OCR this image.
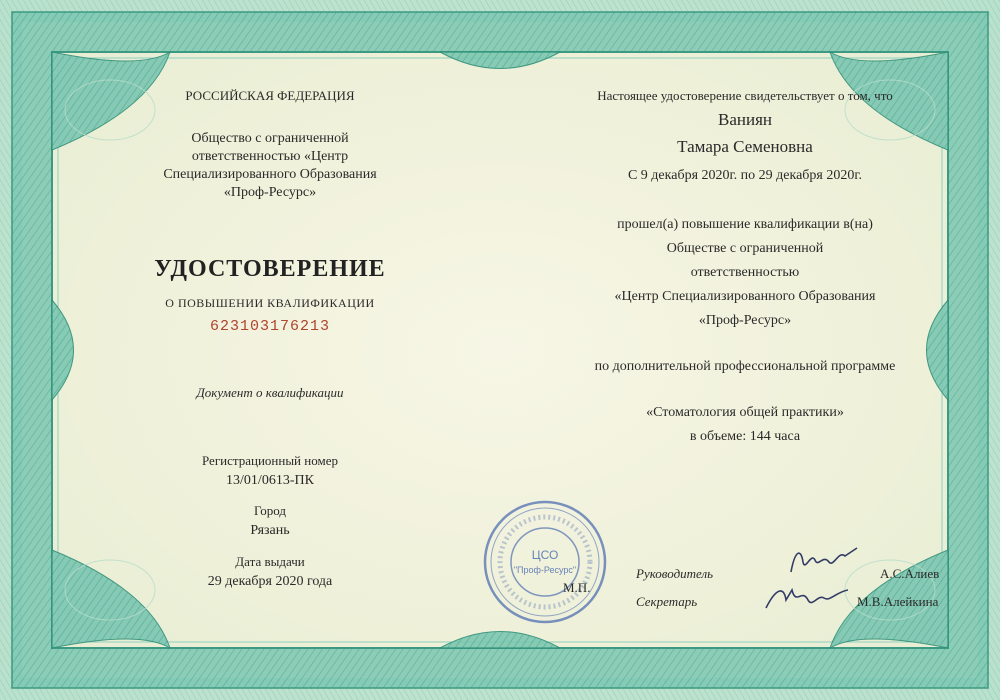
РОССИЙСКАЯ ФЕДЕРАЦИЯ
Общество с ограниченной
ответственностью «Центр
Специализированного Образования
«Проф-Ресурс»
УДОСТОВЕРЕНИЕ
О ПОВЫШЕНИИ КВАЛИФИКАЦИИ
623103176213
Документ о квалификации
Регистрационный номер
13/01/0613-ПК
Город
Рязань
Дата выдачи
29 декабря 2020 года
Настоящее удостоверение свидетельствует о том, что
Ваниян
Тамара Семеновна
С 9 декабря 2020г. по 29 декабря 2020г.
прошел(а) повышение квалификации в(на)
Обществе с ограниченной
ответственностью
«Центр Специализированного Образования
«Проф-Ресурс»
по дополнительной профессиональной программе
«Стоматология общей практики»
в объеме: 144 часа
ЦСО
"Проф-Ресурс"
М.П.
Руководитель
Секретарь
А.С.Алиев
М.В.Алейкина
